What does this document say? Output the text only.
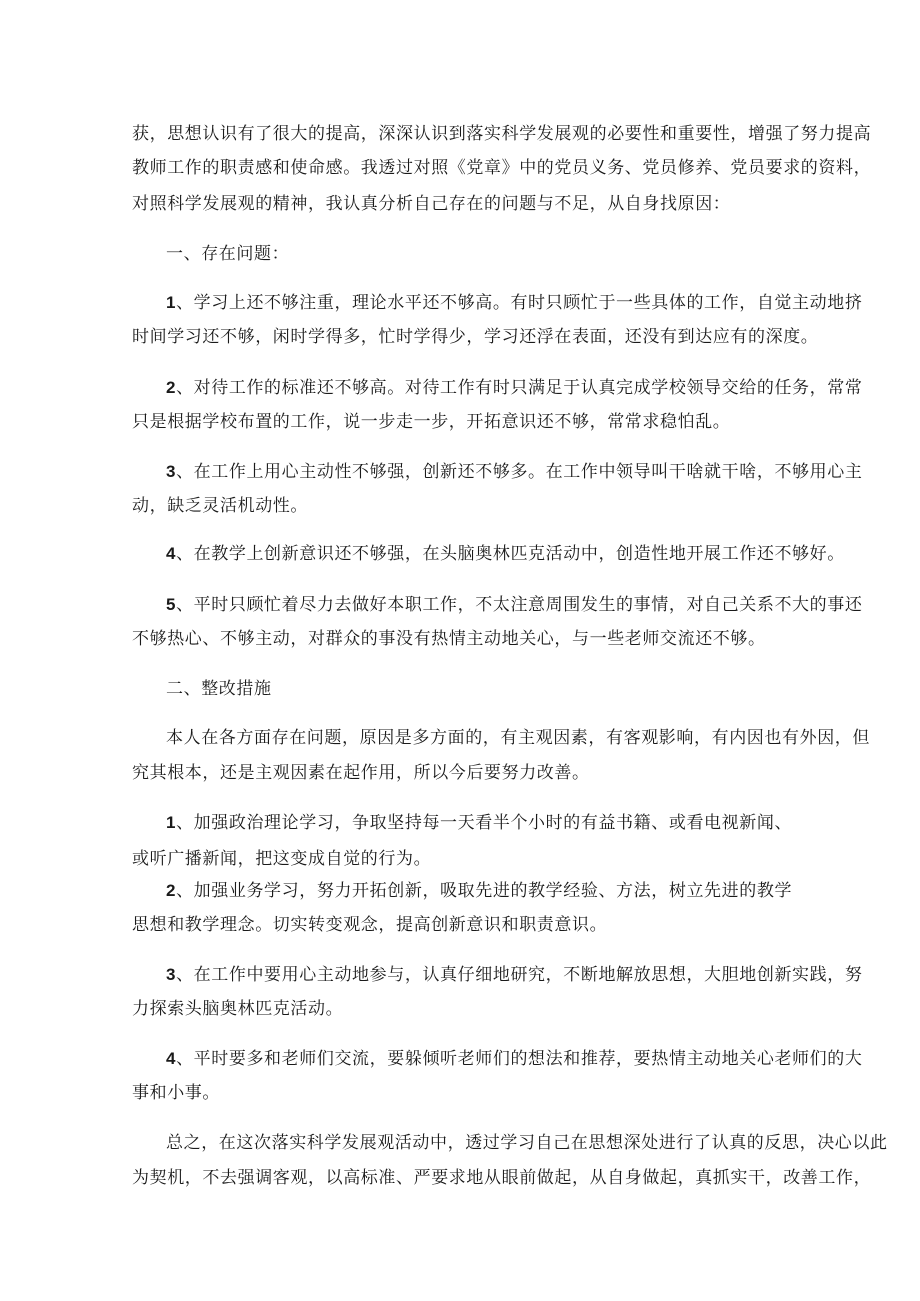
获，思想认识有了很大的提高，深深认识到落实科学发展观的必要性和重要性，增强了努力提高
教师工作的职责感和使命感。我透过对照《党章》中的党员义务、党员修养、党员要求的资料，
对照科学发展观的精神，我认真分析自己存在的问题与不足，从自身找原因：
一、存在问题：
1、学习上还不够注重，理论水平还不够高。有时只顾忙于一些具体的工作，自觉主动地挤
时间学习还不够，闲时学得多，忙时学得少，学习还浮在表面，还没有到达应有的深度。
2、对待工作的标准还不够高。对待工作有时只满足于认真完成学校领导交给的任务，常常
只是根据学校布置的工作，说一步走一步，开拓意识还不够，常常求稳怕乱。
3、在工作上用心主动性不够强，创新还不够多。在工作中领导叫干啥就干啥，不够用心主
动，缺乏灵活机动性。
4、在教学上创新意识还不够强，在头脑奥林匹克活动中，创造性地开展工作还不够好。
5、平时只顾忙着尽力去做好本职工作，不太注意周围发生的事情，对自己关系不大的事还
不够热心、不够主动，对群众的事没有热情主动地关心，与一些老师交流还不够。
二、整改措施
本人在各方面存在问题，原因是多方面的，有主观因素，有客观影响，有内因也有外因，但
究其根本，还是主观因素在起作用，所以今后要努力改善。
1、加强政治理论学习，争取坚持每一天看半个小时的有益书籍、或看电视新闻、
或听广播新闻，把这变成自觉的行为。
2、加强业务学习，努力开拓创新，吸取先进的教学经验、方法，树立先进的教学
思想和教学理念。切实转变观念，提高创新意识和职责意识。
3、在工作中要用心主动地参与，认真仔细地研究，不断地解放思想，大胆地创新实践，努
力探索头脑奥林匹克活动。
4、平时要多和老师们交流，要躲倾听老师们的想法和推荐，要热情主动地关心老师们的大
事和小事。
总之，在这次落实科学发展观活动中，透过学习自己在思想深处进行了认真的反思，决心以此
为契机，不去强调客观，以高标准、严要求地从眼前做起，从自身做起，真抓实干，改善工作，
